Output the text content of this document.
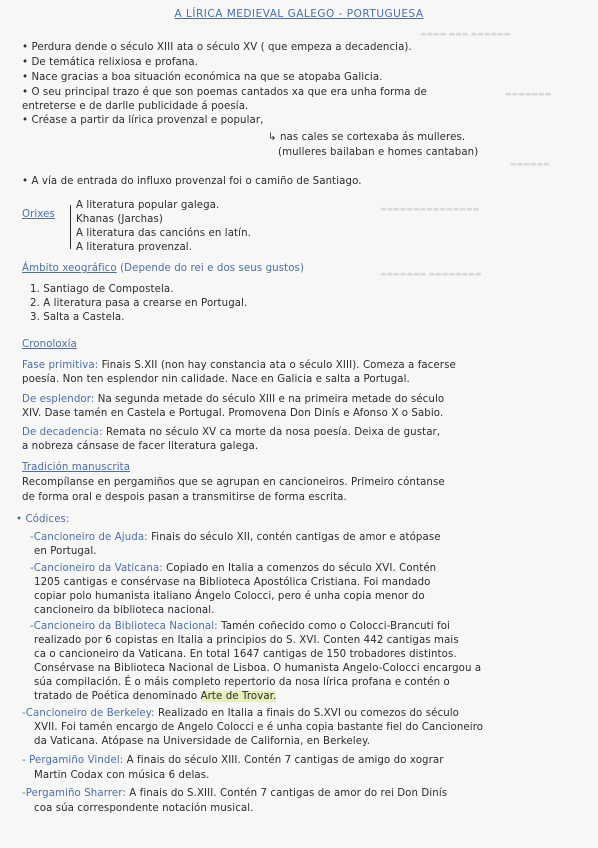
▬▬▬▬ ▬▬▬ ▬▬▬▬▬▬
▬▬▬▬▬▬▬
▬▬▬▬▬▬
▬▬▬▬▬▬▬▬▬▬▬▬▬▬▬
▬▬▬▬▬▬▬ ▬▬▬▬▬▬▬▬
A LÍRICA MEDIEVAL GALEGO - PORTUGUESA
• Perdura dende o século XIII ata o século XV ( que empeza a decadencia).
• De temática relixiosa e profana.
• Nace gracias a boa situación económica na que se atopaba Galicia.
• O seu principal trazo é que son poemas cantados xa que era unha forma de
entreterse e de darlle publicidade á poesía.
• Créase a partir da lírica provenzal e popular,
↳ nas cales se cortexaba ás mulleres.
(mulleres bailaban e homes cantaban)
• A vía de entrada do influxo provenzal foi o camiño de Santiago.
Orixes
A literatura popular galega.
Khanas (Jarchas)
A literatura das cancións en latín.
A literatura provenzal.
Ámbito xeográfico (Depende do rei e dos seus gustos)
1. Santiago de Compostela.
2. A literatura pasa a crearse en Portugal.
3. Salta a Castela.
Cronoloxía
Fase primitiva: Finais S.XII (non hay constancia ata o século XIII). Comeza a facerse
poesía. Non ten esplendor nin calidade. Nace en Galicia e salta a Portugal.
De esplendor: Na segunda metade do século XIII e na primeira metade do século
XIV. Dase tamén en Castela e Portugal. Promovena Don Dinís e Afonso X o Sabio.
De decadencia: Remata no século XV ca morte da nosa poesía. Deixa de gustar,
a nobreza cánsase de facer literatura galega.
Tradición manuscrita
Recompílanse en pergamiños que se agrupan en cancioneiros. Primeiro cóntanse
de forma oral e despois pasan a transmitirse de forma escrita.
• Códices:
-Cancioneiro de Ajuda: Finais do século XII, contén cantigas de amor e atópase
en Portugal.
-Cancioneiro da Vaticana: Copiado en Italia a comenzos do século XVI. Contén
1205 cantigas e consérvase na Biblioteca Apostólica Cristiana. Foi mandado
copiar polo humanista italiano Ángelo Colocci, pero é unha copia menor do
cancioneiro da biblioteca nacional.
-Cancioneiro da Biblioteca Nacional: Tamén coñecido como o Colocci-Brancuti foi
realizado por 6 copistas en Italia a principios do S. XVI. Conten 442 cantigas mais
ca o cancioneiro da Vaticana. En total 1647 cantigas de 150 trobadores distintos.
Consérvase na Biblioteca Nacional de Lisboa. O humanista Angelo-Colocci encargou a
súa compilación. É o máis completo repertorio da nosa lírica profana e contén o
tratado de Poética denominado Arte de Trovar.
-Cancioneiro de Berkeley: Realizado en Italia a finais do S.XVI ou comezos do século
XVII. Foi tamén encargo de Angelo Colocci e é unha copia bastante fiel do Cancioneiro
da Vaticana. Atópase na Universidade de California, en Berkeley.
- Pergamiño Vindel: A finais do século XIII. Contén 7 cantigas de amigo do xograr
Martin Codax con música 6 delas.
-Pergamiño Sharrer: A finais do S.XIII. Contén 7 cantigas de amor do rei Don Dinís
coa súa correspondente notación musical.
